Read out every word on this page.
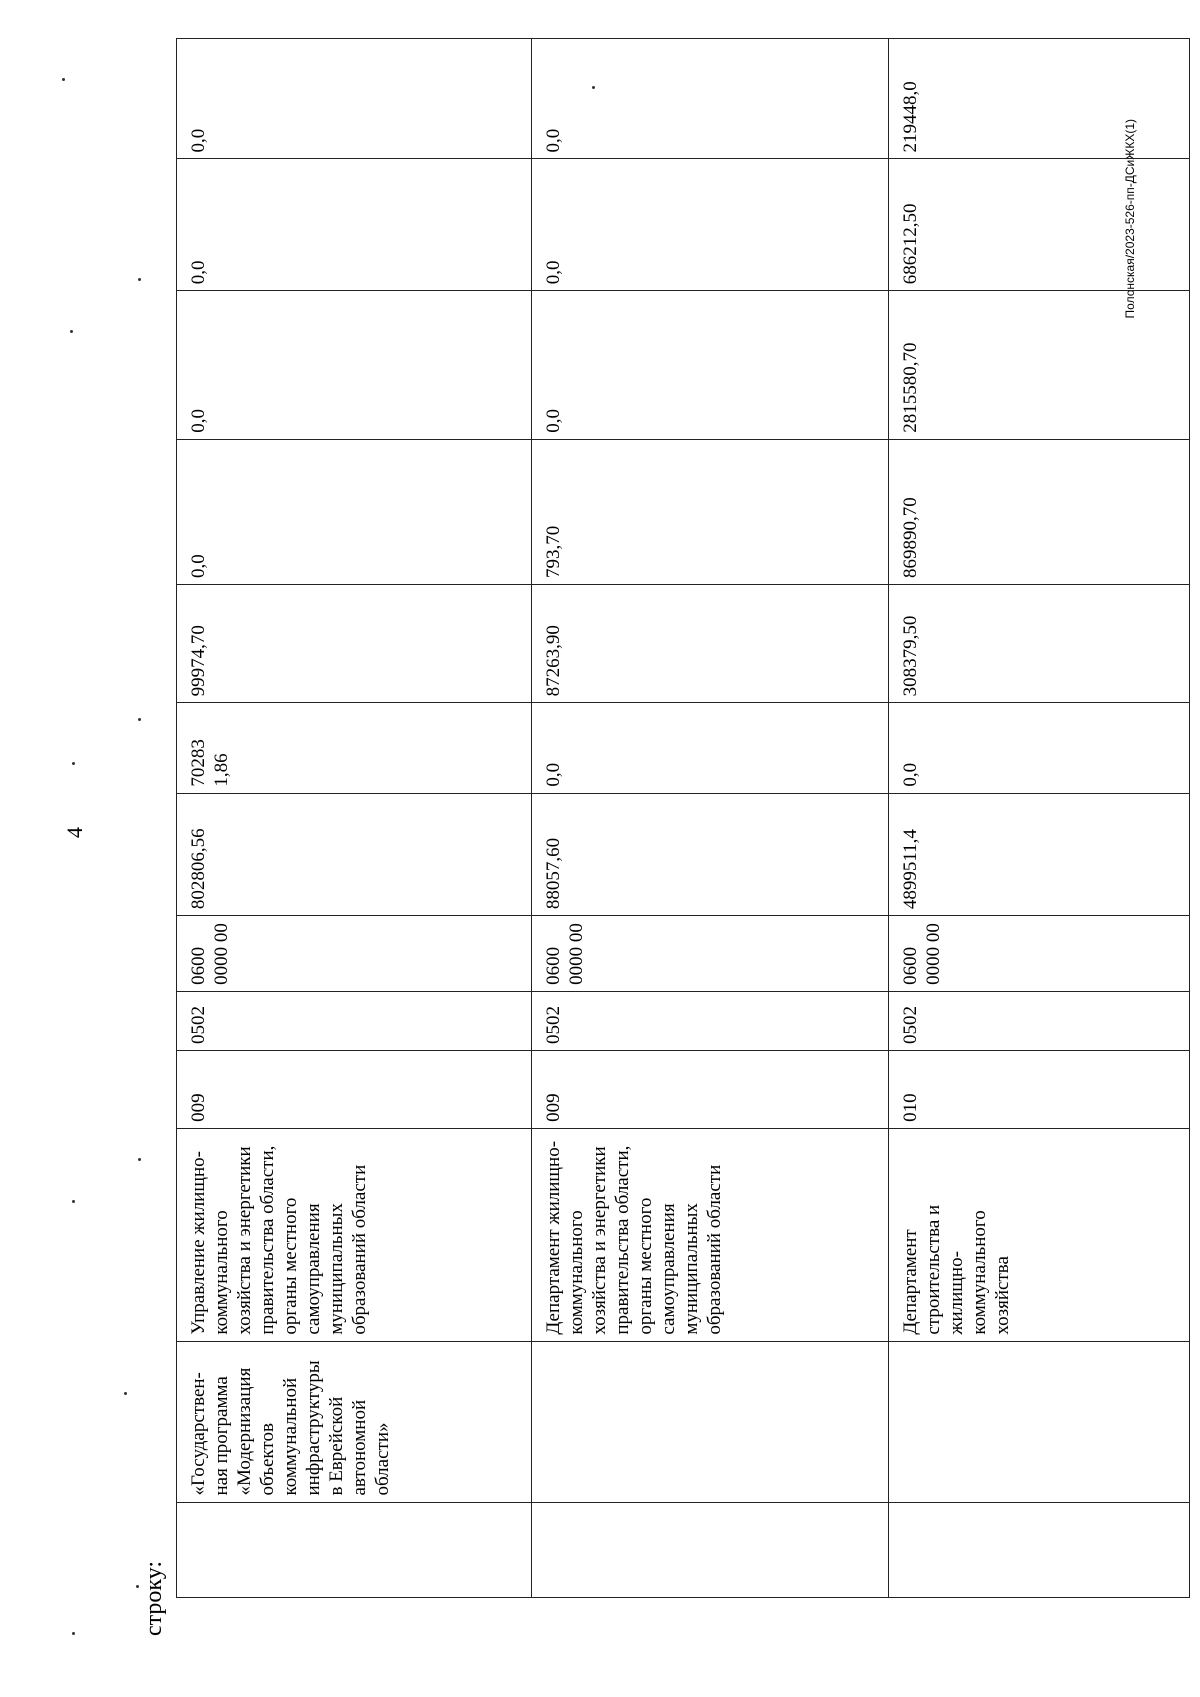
4
Полонская/2023-526-пп-ДСиЖКХ(1)
строку:
	«Государствен-ная программа «Модернизация объектов коммунальной инфраструктуры в Еврейской автономной области»	Управление жилищно-коммунального хозяйства и энергетики правительства области, органы местного самоуправления муниципальных образований области	009	0502	0600 0000 00	802806,56	70283 1,86	99974,70	0,0	0,0	0,0	0,0
		Департамент жилищно-коммунального хозяйства и энергетики правительства области, органы местного самоуправления муниципальных образований области	009	0502	0600 0000 00	88057,60	0,0	87263,90	793,70	0,0	0,0	0,0
		Департамент строительства и жилищно-коммунального хозяйства	010	0502	0600 0000 00	4899511,4	0,0	308379,50	869890,70	2815580,70	686212,50	219448,0
